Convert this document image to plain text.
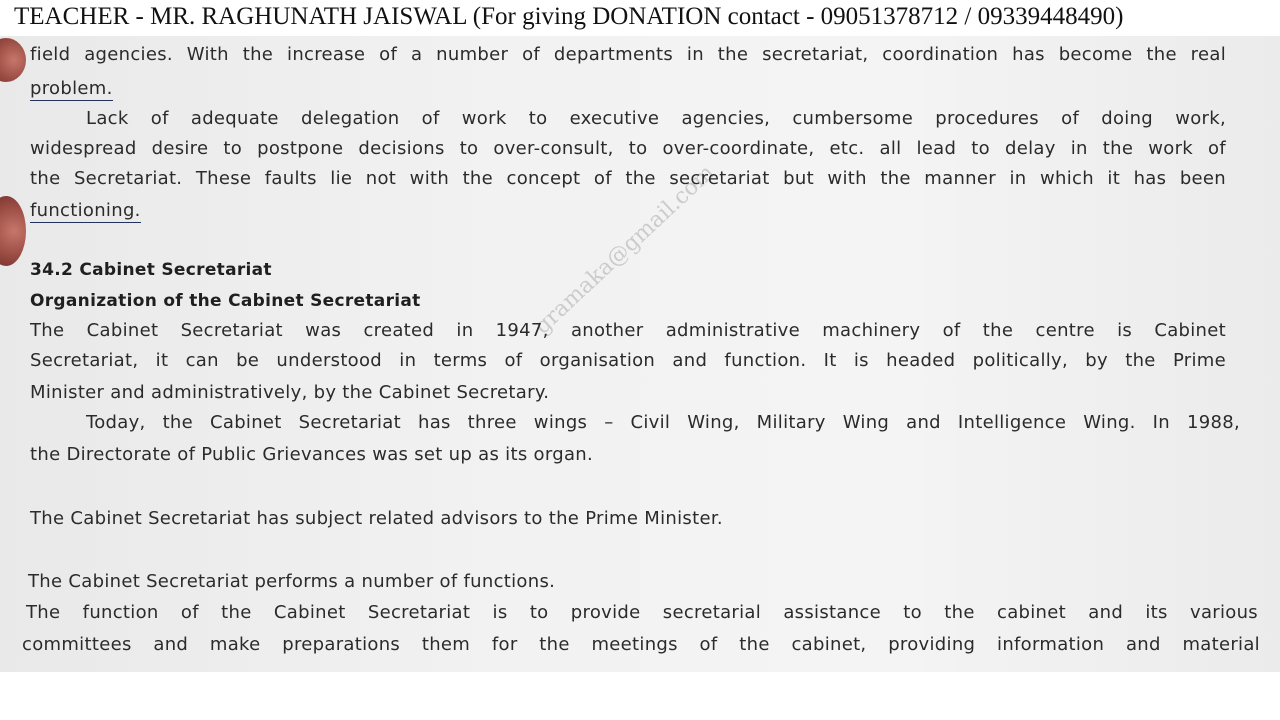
TEACHER - MR. RAGHUNATH JAISWAL (For giving DONATION contact - 09051378712 / 09339448490)
gramaka@gmail.com
field agencies. With the increase of a number of departments in the secretariat, coordination has become the real
problem.
Lack of adequate delegation of work to executive agencies, cumbersome procedures of doing work,
widespread desire to postpone decisions to over-consult, to over-coordinate, etc. all lead to delay in the work of
the Secretariat. These faults lie not with the concept of the secretariat but with the manner in which it has been
functioning.
34.2 Cabinet Secretariat
Organization of the Cabinet Secretariat
The Cabinet Secretariat was created in 1947, another administrative machinery of the centre is Cabinet
Secretariat, it can be understood in terms of organisation and function. It is headed politically, by the Prime
Minister and administratively, by the Cabinet Secretary.
Today, the Cabinet Secretariat has three wings – Civil Wing, Military Wing and Intelligence Wing. In 1988,
the Directorate of Public Grievances was set up as its organ.
The Cabinet Secretariat has subject related advisors to the Prime Minister.
The Cabinet Secretariat performs a number of functions.
The function of the Cabinet Secretariat is to provide secretarial assistance to the cabinet and its various
committees and make preparations them for the meetings of the cabinet, providing information and material
